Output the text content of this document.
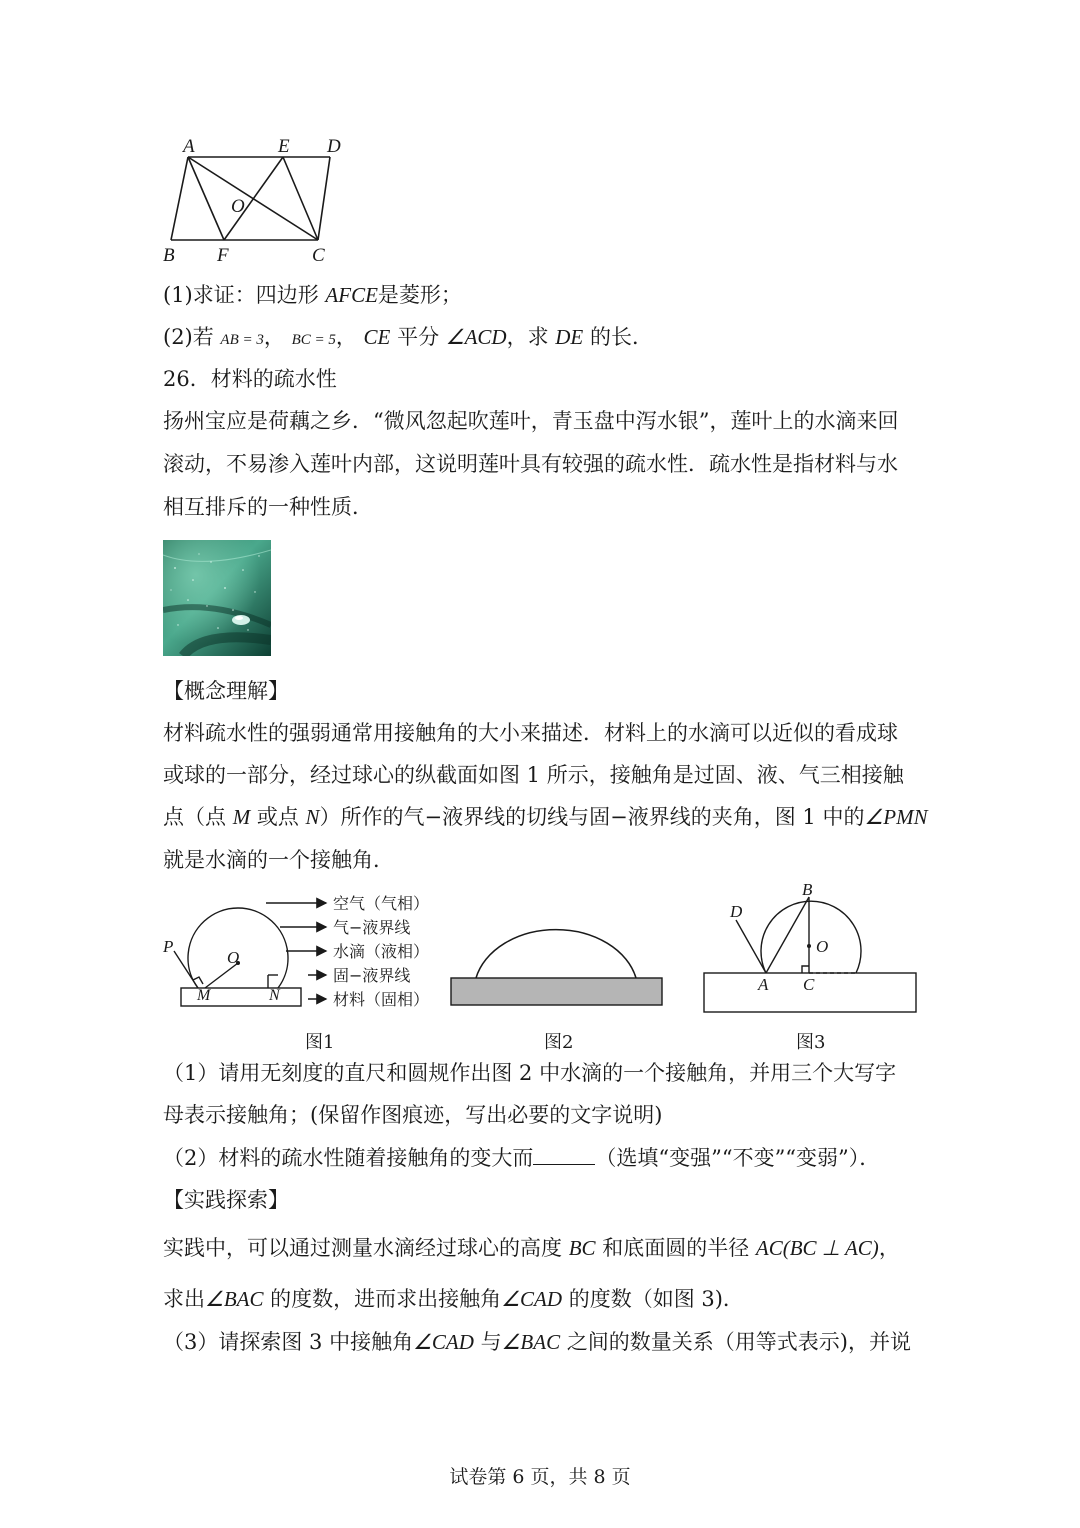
A	E D
O
B F	C
(1)求证：四边形 AFCE是菱形；
(2)若 AB = 3， BC = 5， CE 平分 ∠ACD，求 DE 的长．
26．材料的疏水性
扬州宝应是荷藕之乡．“微风忽起吹莲叶，青玉盘中泻水银”，莲叶上的水滴来回
滚动，不易渗入莲叶内部，这说明莲叶具有较强的疏水性．疏水性是指材料与水
相互排斥的一种性质．
【概念理解】
材料疏水性的强弱通常用接触角的大小来描述．材料上的水滴可以近似的看成球
或球的一部分，经过球心的纵截面如图 1 所示，接触角是过固、液、气三相接触
点（点 M 或点 N）所作的气−液界线的切线与固−液界线的夹角，图 1 中的∠PMN
就是水滴的一个接触角．
P
O
M	N
空气（气相）
气−液界线
水滴（液相）
固−液界线
材料（固相）
图1	图2
D
B
O
A C
图3
（1）请用无刻度的直尺和圆规作出图 2 中水滴的一个接触角，并用三个大写字
母表示接触角；(保留作图痕迹，写出必要的文字说明)
（2）材料的疏水性随着接触角的变大而	（选填“变强”“不变”“变弱”）．
【实践探索】
实践中，可以通过测量水滴经过球心的高度 BC 和底面圆的半径 AC(BC ⊥ AC)，
求出∠BAC 的度数，进而求出接触角∠CAD 的度数（如图 3)．
（3）请探索图 3 中接触角∠CAD 与∠BAC 之间的数量关系（用等式表示)，并说
试卷第 6 页，共 8 页
